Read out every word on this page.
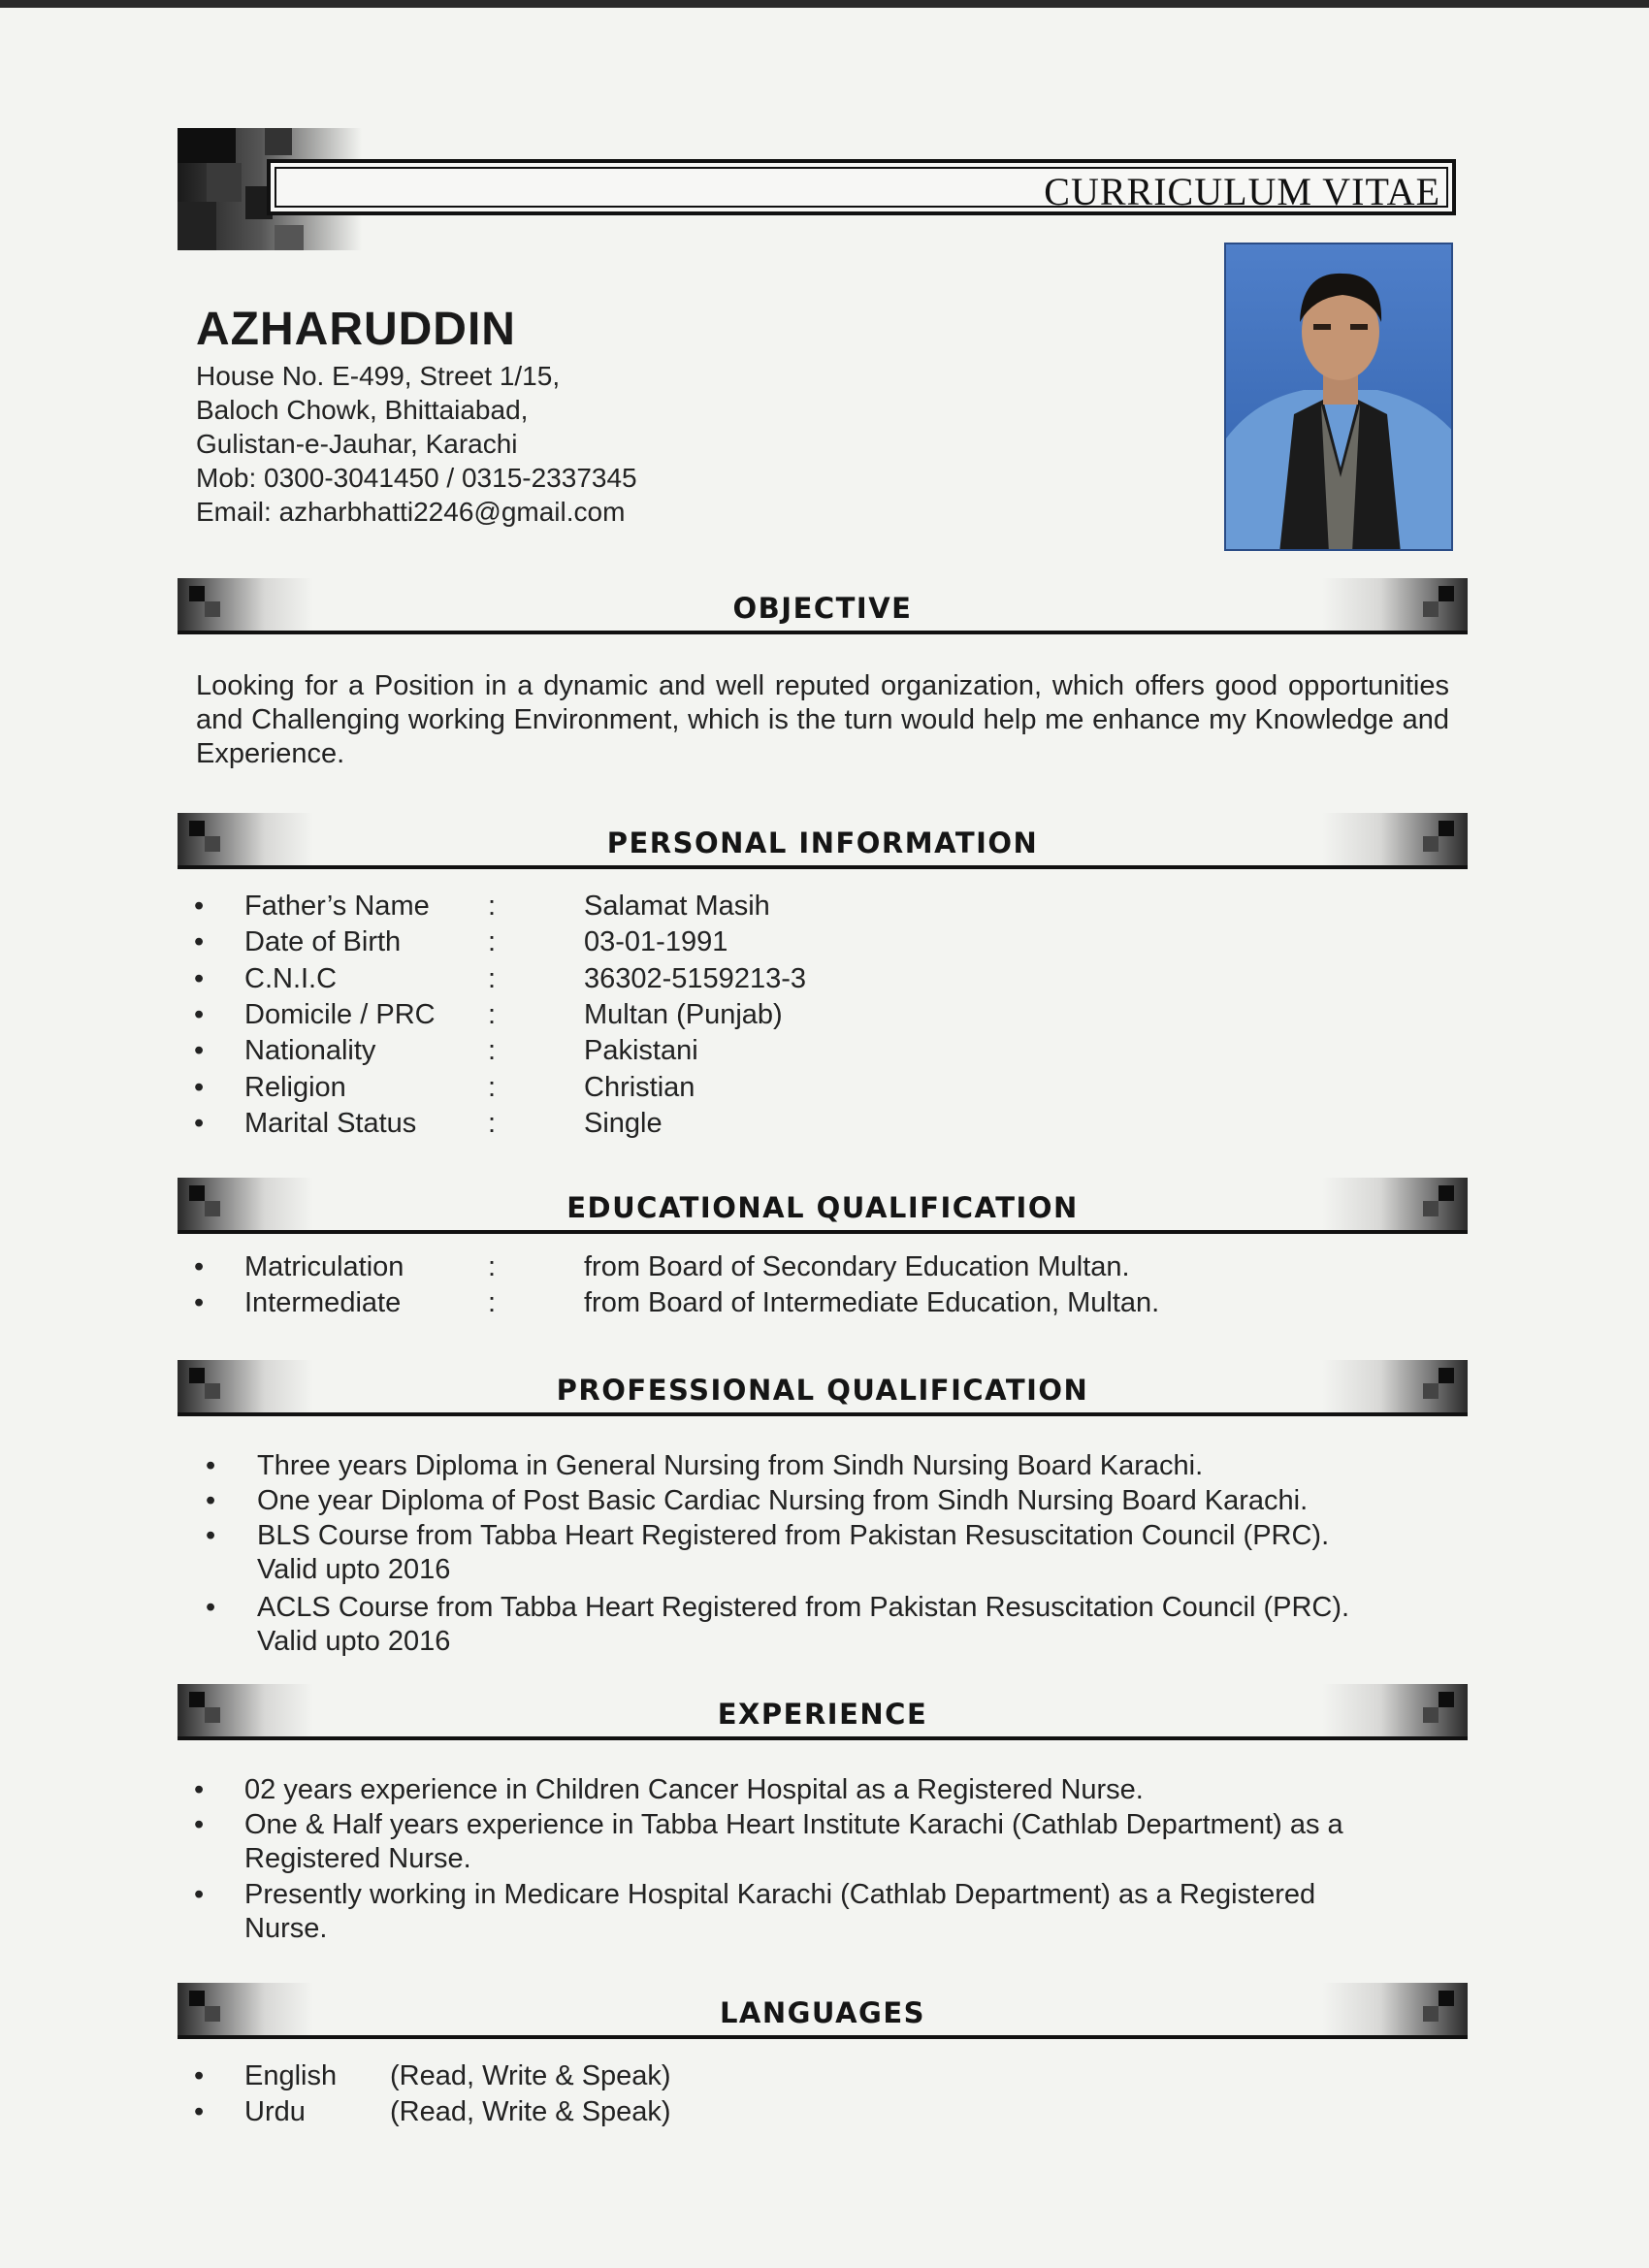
CURRICULUM VITAE
AZHARUDDIN
House No. E-499, Street 1/15,
Baloch Chowk, Bhittaiabad,
Gulistan-e-Jauhar, Karachi
Mob: 0300-3041450 / 0315-2337345
Email: azharbhatti2246@gmail.com
OBJECTIVE
Looking for a Position in a dynamic and well reputed organization, which offers good opportunities and Challenging working Environment, which is the turn would help me enhance my Knowledge and Experience.
PERSONAL INFORMATION
• Father’s Name :	Salamat Masih
• Date of Birth	:	03-01-1991
• C.N.I.C	:	36302-5159213-3
• Domicile / PRC :	Multan (Punjab)
• Nationality	:	Pakistani
• Religion	:	Christian
• Marital Status	:	Single
EDUCATIONAL QUALIFICATION
• Matriculation	:	from Board of Secondary Education Multan.
• Intermediate	:	from Board of Intermediate Education, Multan.
PROFESSIONAL QUALIFICATION
• Three years Diploma in General Nursing from Sindh Nursing Board Karachi.
• One year Diploma of Post Basic Cardiac Nursing from Sindh Nursing Board Karachi.
• BLS Course from Tabba Heart Registered from Pakistan Resuscitation Council (PRC).
Valid upto 2016
• ACLS Course from Tabba Heart Registered from Pakistan Resuscitation Council (PRC).
Valid upto 2016
EXPERIENCE
• 02 years experience in Children Cancer Hospital as a Registered Nurse.
• One & Half years experience in Tabba Heart Institute Karachi (Cathlab Department) as a
Registered Nurse.
• Presently working in Medicare Hospital Karachi (Cathlab Department) as a Registered
Nurse.
LANGUAGES
• English (Read, Write & Speak)
• Urdu	(Read, Write & Speak)
